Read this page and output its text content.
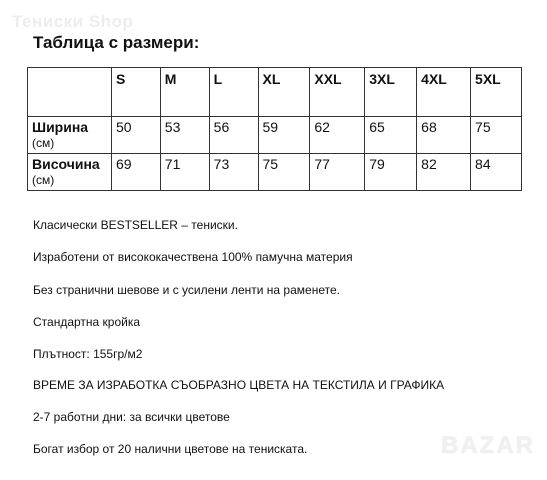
Тениски Shop
Таблица с размери:
	S	M	L	XL	XXL	3XL	4XL	5XL

Ширина
(см)	50	53	56	59	62	65	68	75

Височина
(см)	69	71	73	75	77	79	82	84
Класически BESTSELLER – тениски.
Изработени от висококачествена 100% памучна материя
Без странични шевове и с усилени ленти на раменете.
Стандартна кройка
Плътност: 155гр/м2
ВРЕМЕ ЗА ИЗРАБОТКА СЪОБРАЗНО ЦВЕТА НА ТЕКСТИЛА И ГРАФИКА
2-7 работни дни: за всички цветове
Богат избор от 20 налични цветове на тениската.	BAZAR
